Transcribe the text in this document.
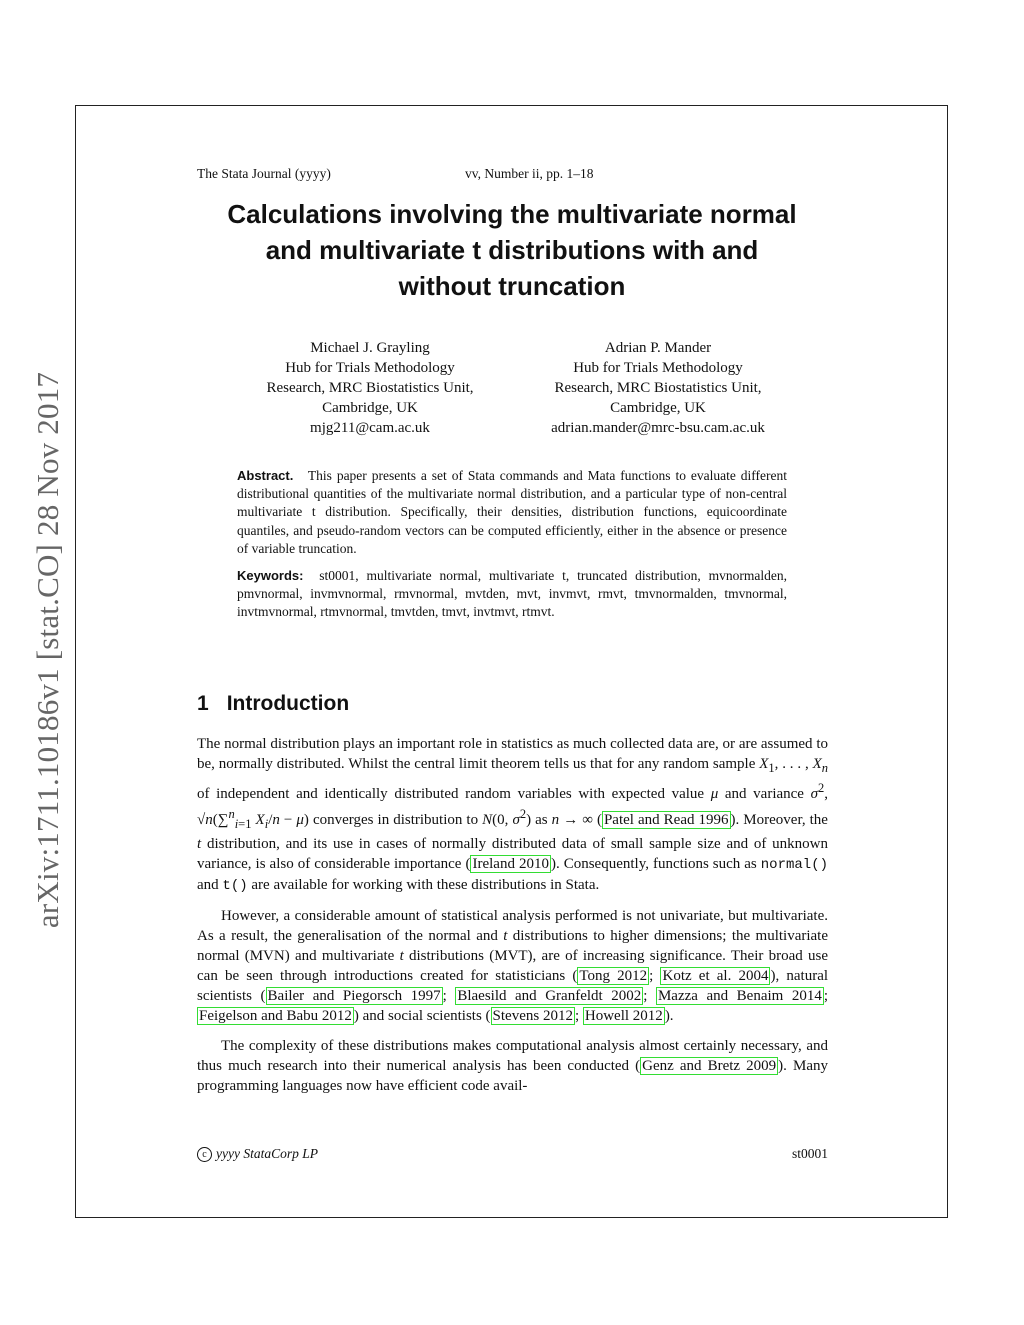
arXiv:1711.10186v1 [stat.CO] 28 Nov 2017
The Stata Journal (yyyy)	vv, Number ii, pp. 1–18
Calculations involving the multivariate normal
and multivariate t distributions with and
without truncation
Michael J. Grayling
Hub for Trials Methodology
Research, MRC Biostatistics Unit,
Cambridge, UK
mjg211@cam.ac.uk
Adrian P. Mander
Hub for Trials Methodology
Research, MRC Biostatistics Unit,
Cambridge, UK
adrian.mander@mrc-bsu.cam.ac.uk

Abstract. This paper presents a set of Stata commands and Mata functions to evaluate different distributional quantities of the multivariate normal distribution, and a particular type of non-central multivariate t distribution. Specifically, their densities, distribution functions, equicoordinate quantiles, and pseudo-random vectors can be computed efficiently, either in the absence or presence of variable truncation.

Keywords: st0001, multivariate normal, multivariate t, truncated distribution, mvnormalden, pmvnormal, invmvnormal, rmvnormal, mvtden, mvt, invmvt, rmvt, tmvnormalden, tmvnormal, invtmvnormal, rtmvnormal, tmvtden, tmvt, invtmvt, rtmvt.

1 Introduction

The normal distribution plays an important role in statistics as much collected data are, or are assumed to be, normally distributed. Whilst the central limit theorem tells us that for any random sample $X_1$, . . . , $X_n$ of independent and identically distributed random variables with expected value μ and variance $\sigma^2$, √n(∑$^n_{i=1}$ $X_i/n - \mu$) converges in distribution to N(0, $\sigma^2$) as n → ∞ ( Patel and Read 1996 ). Moreover, the t distribution, and its use in cases of normally distributed data of small sample size and of unknown variance, is also of considerable importance ( Ireland 2010 ). Consequently, functions such as normal() and t() are available for working with these distributions in Stata.

However, a considerable amount of statistical analysis performed is not univariate, but multivariate. As a result, the generalisation of the normal and t distributions to higher dimensions; the multivariate normal (MVN) and multivariate t distributions (MVT), are of increasing significance. Their broad use can be seen through introductions created for statisticians ( Tong 2012 ; Kotz et al. 2004 ), natural scientists ( Bailer and Piegorsch 1997 ; Blaesild and Granfeldt 2002 ; Mazza and Benaim 2014 ; Feigelson and Babu 2012 ) and social scientists ( Stevens 2012 ; Howell 2012 ).

The complexity of these distributions makes computational analysis almost certainly necessary, and thus much research into their numerical analysis has been conducted ( Genz and Bretz 2009 ). Many programming languages now have efficient code avail-

c yyyy StataCorp LP	st0001
